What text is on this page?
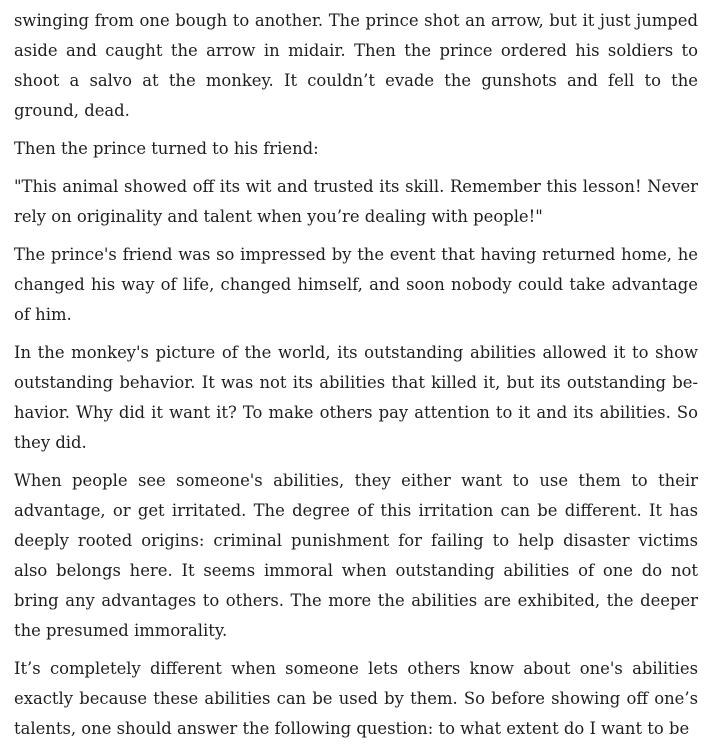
swinging from one bough to another. The prince shot an arrow, but it just jumped aside and caught the arrow in midair. Then the prince ordered his soldiers to shoot a salvo at the monkey. It couldn’t evade the gunshots and fell to the ground, dead.

Then the prince turned to his friend:

"This animal showed off its wit and trusted its skill. Remember this lesson! Never rely on originality and talent when you’re dealing with people!"

The prince's friend was so impressed by the event that having returned home, he changed his way of life, changed himself, and soon nobody could take advantage of him.

In the monkey's picture of the world, its outstanding abilities allowed it to show outstanding behavior. It was not its abilities that killed it, but its outstanding behavior. Why did it want it? To make others pay attention to it and its abilities. So they did.

When people see someone's abilities, they either want to use them to their advantage, or get irritated. The degree of this irritation can be different. It has deeply rooted origins: criminal punishment for failing to help disaster victims also belongs here. It seems immoral when outstanding abilities of one do not bring any advantages to others. The more the abilities are exhibited, the deeper the presumed immorality.

It’s completely different when someone lets others know about one's abilities exactly because these abilities can be used by them. So before showing off one’s talents, one should answer the following question: to what extent do I want to be
